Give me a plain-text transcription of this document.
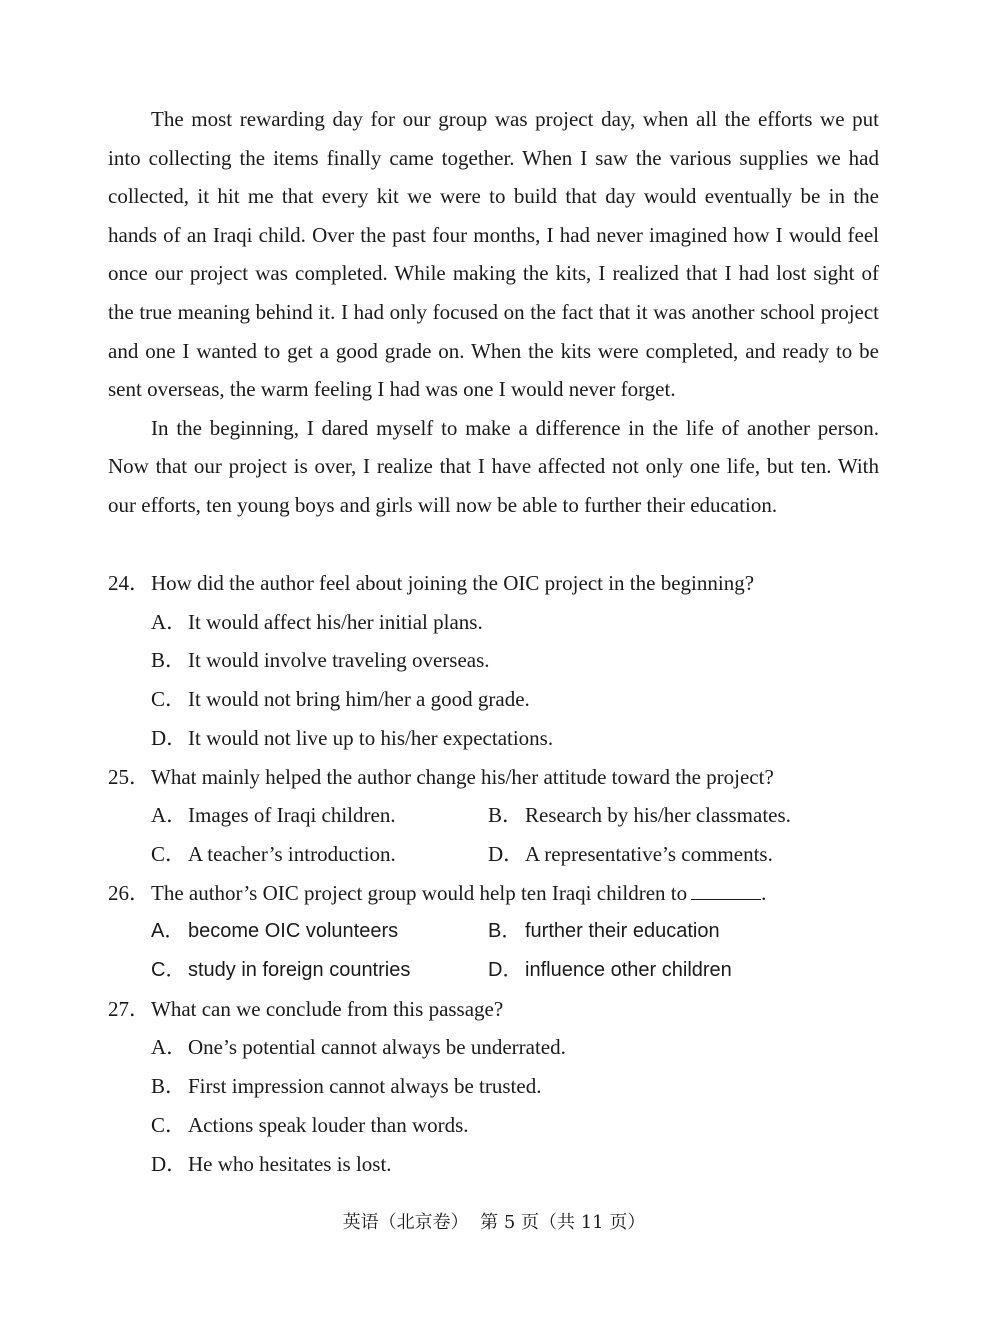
The most rewarding day for our group was project day, when all the efforts we put into collecting the items finally came together. When I saw the various supplies we had collected, it hit me that every kit we were to build that day would eventually be in the hands of an Iraqi child. Over the past four months, I had never imagined how I would feel once our project was completed. While making the kits, I realized that I had lost sight of the true meaning behind it. I had only focused on the fact that it was another school project and one I wanted to get a good grade on. When the kits were completed, and ready to be sent overseas, the warm feeling I had was one I would never forget.

In the beginning, I dared myself to make a difference in the life of another person. Now that our project is over, I realize that I have affected not only one life, but ten. With our efforts, ten young boys and girls will now be able to further their education.

24． How did the author feel about joining the OIC project in the beginning?
A． It would affect his/her initial plans.
B． It would involve traveling overseas.
C． It would not bring him/her a good grade.
D． It would not live up to his/her expectations.
25． What mainly helped the author change his/her attitude toward the project?
A． Images of Iraqi children.	B． Research by his/her classmates.
C． A teacher’s introduction.	D． A representative’s comments.
26． The author’s OIC project group would help ten Iraqi children to	.
A． become OIC volunteers	B． further their education
C． study in foreign countries	D． influence other children
27． What can we conclude from this passage?
A． One’s potential cannot always be underrated.
B． First impression cannot always be trusted.
C． Actions speak louder than words.
D． He who hesitates is lost.
英语（北京卷）  第 5 页（共 11 页）
